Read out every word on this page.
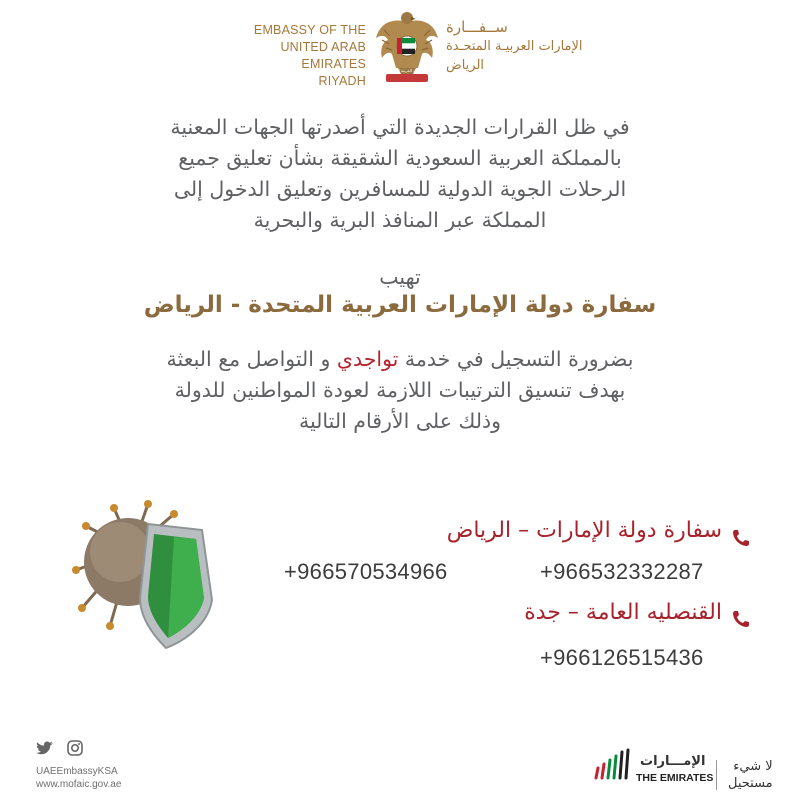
EMBASSY OF THE
UNITED ARAB EMIRATES
RIYADH
الإمارات العربية المتحدة
ســفـــارة
الإمارات العربيـة المتحـدة
الرياض
في ظل القرارات الجديدة التي أصدرتها الجهات المعنية
بالمملكة العربية السعودية الشقيقة بشأن تعليق جميع
الرحلات الجوية الدولية للمسافرين وتعليق الدخول إلى
المملكة عبر المنافذ البرية والبحرية
تهيب
سفارة دولة الإمارات العربية المتحدة - الرياض
بضرورة التسجيل في خدمة تواجدي و التواصل مع البعثة
بهدف تنسيق الترتيبات اللازمة لعودة المواطنين للدولة
وذلك على الأرقام التالية
سفارة دولة الإمارات – الرياض
+966532332287
+966570534966
القنصليه العامة – جدة
+966126515436

UAEEmbassyKSA
www.mofaic.gov.ae
الإمـــارات
THE EMIRATES
لا شيء
مستحيل
